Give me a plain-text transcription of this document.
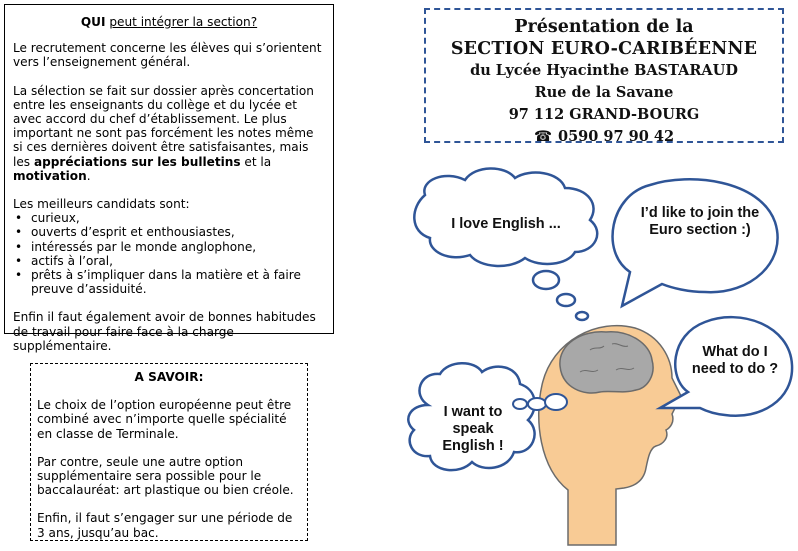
QUI peut intégrer la section?

Le recrutement concerne les élèves qui s’orientent vers l’enseignement général.

La sélection se fait sur dossier après concertation entre les enseignants du collège et du lycée et avec accord du chef d’établissement. Le plus important ne sont pas forcément les notes même si ces dernières doivent être satisfaisantes, mais les appréciations sur les bulletins et la motivation.

Les meilleurs candidats sont:
• curieux,
• ouverts d’esprit et enthousiastes,
• intéressés par le monde anglophone,
• actifs à l’oral,
• prêts à s’impliquer dans la matière et à faire preuve d’assiduité.

Enfin il faut également avoir de bonnes habitudes de travail pour faire face à la charge supplémentaire.

A SAVOIR:

Le choix de l’option européenne peut être combiné avec n’importe quelle spécialité en classe de Terminale.

Par contre, seule une autre option supplémentaire sera possible pour le baccalauréat: art plastique ou bien créole.

Enfin, il faut s’engager sur une période de 3 ans, jusqu’au bac.

Présentation de la
SECTION EURO-CARIBÉENNE
du Lycée Hyacinthe BASTARAUD
Rue de la Savane
97 112 GRAND-BOURG
☎ 0590 97 90 42
I love English ...
I’d like to join the Euro section :)
What do I need to do ?
I want to speak English !
